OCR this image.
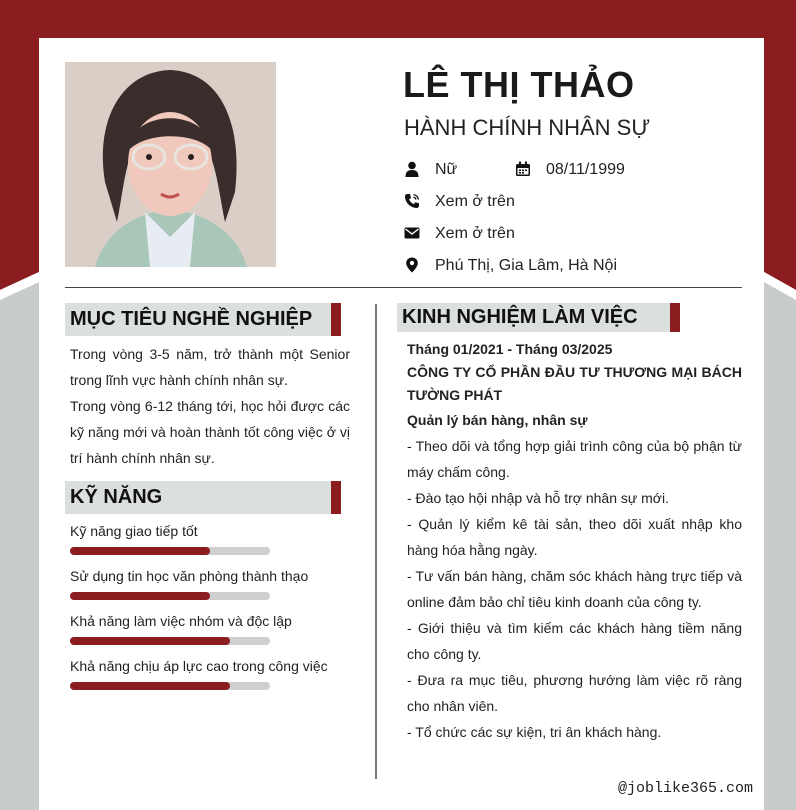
LÊ THỊ THẢO
HÀNH CHÍNH NHÂN SỰ
Nữ	08/11/1999
Xem ở trên
Xem ở trên
Phú Thị, Gia Lâm, Hà Nội
MỤC TIÊU NGHỀ NGHIỆP
Trong vòng 3-5 năm, trở thành một Senior trong lĩnh vực hành chính nhân sự.
Trong vòng 6-12 tháng tới, học hỏi được các kỹ năng mới và hoàn thành tốt công việc ở vị trí hành chính nhân sự.
KỸ NĂNG
Kỹ năng giao tiếp tốt
Sử dụng tin học văn phòng thành thạo
Khả năng làm việc nhóm và độc lập
Khả năng chịu áp lực cao trong công việc
KINH NGHIỆM LÀM VIỆC
Tháng 01/2021 - Tháng 03/2025
CÔNG TY CỔ PHẦN ĐẦU TƯ THƯƠNG MẠI BÁCH TƯỜNG PHÁT
Quản lý bán hàng, nhân sự
- Theo dõi và tổng hợp giải trình công của bộ phận từ máy chấm công.
- Đào tạo hội nhập và hỗ trợ nhân sự mới.
- Quản lý kiểm kê tài sản, theo dõi xuất nhập kho hàng hóa hằng ngày.
- Tư vấn bán hàng, chăm sóc khách hàng trực tiếp và online đảm bảo chỉ tiêu kinh doanh của công ty.
- Giới thiệu và tìm kiếm các khách hàng tiềm năng cho công ty.
- Đưa ra mục tiêu, phương hướng làm việc rõ ràng cho nhân viên.
- Tổ chức các sự kiện, tri ân khách hàng.
@joblike365.com
